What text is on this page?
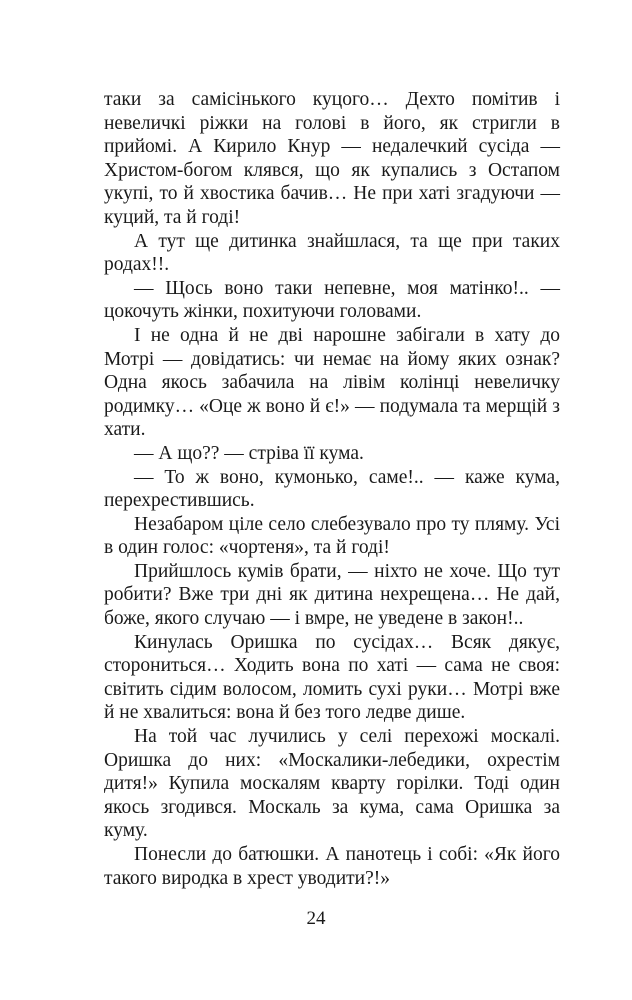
таки за самісінького куцого… Дехто помітив і невеличкі ріжки на голові в його, як стригли в прийомі. А Кирило Кнур — недалечкий сусіда — Христом-богом клявся, що як купались з Остапом укупі, то й хвостика бачив… Не при хаті згадуючи — куций, та й годі!

А тут ще дитинка знайшлася, та ще при таких родах!!.

— Щось воно таки непевне, моя матінко!.. — цокочуть жінки, похитуючи головами.

І не одна й не дві нарошне забігали в хату до Мотрі — довідатись: чи немає на йому яких ознак? Одна якось забачила на лівім колінці невеличку родимку… «Оце ж воно й є!» — подумала та мерщій з хати.

— А що?? — стріва її кума.

— То ж воно, кумонько, саме!.. — каже кума, перехрестившись.

Незабаром ціле село слебезувало про ту пляму. Усі в один голос: «чортеня», та й годі!

Прийшлось кумів брати, — ніхто не хоче. Що тут робити? Вже три дні як дитина нехрещена… Не дай, боже, якого случаю — і вмре, не уведене в закон!..

Кинулась Оришка по сусідах… Всяк дякує, сторониться… Ходить вона по хаті — сама не своя: світить сідим волосом, ломить сухі руки… Мотрі вже й не хвалиться: вона й без того ледве дише.

На той час лучились у селі перехожі москалі. Оришка до них: «Москалики-лебедики, охрестім дитя!» Купила москалям кварту горілки. Тоді один якось згодився. Москаль за кума, сама Оришка за куму.

Понесли до батюшки. А панотець і собі: «Як його такого виродка в хрест уводити?!»

24
